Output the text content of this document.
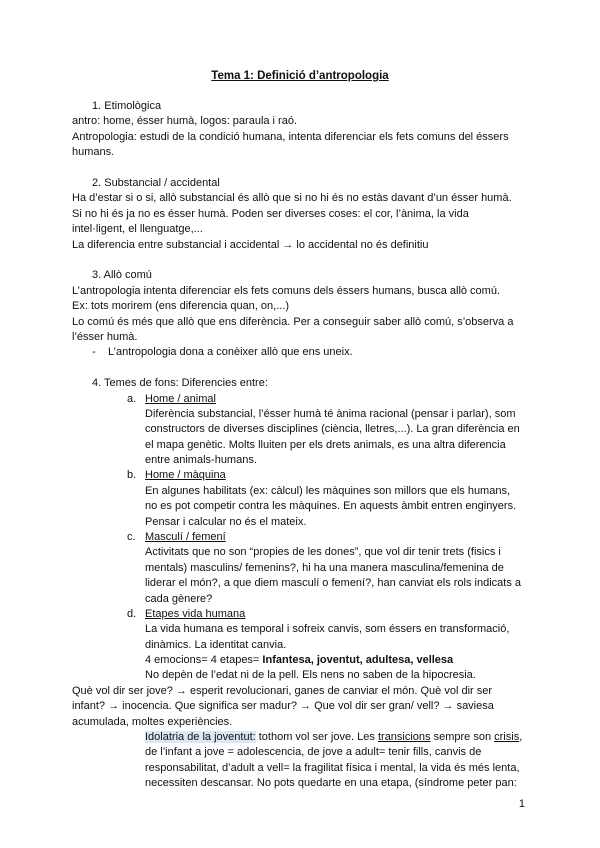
Tema 1: Definició d’antropologia
1. Etimològica
antro: home, ésser humà, logos: paraula i raó.
Antropologia: estudi de la condició humana, intenta diferenciar els fets comuns del éssers
humans.
2. Substancial / accidental
Ha d’estar si o si, allò substancial és allò que si no hi és no estàs davant d’un ésser humà.
Si no hi és ja no es ésser humà. Poden ser diverses coses: el cor, l’ànima, la vida
intel·ligent, el llenguatge,...
La diferencia entre substancial i accidental → lo accidental no és definitiu
3. Allò comú
L’antropologia intenta diferenciar els fets comuns dels éssers humans, busca allò comú.
Ex: tots morirem (ens diferencia quan, on,...)
Lo comú és més que allò que ens diferència. Per a conseguir saber allò comú, s’observa a
l’ésser humà.
- L’antropologia dona a conèixer allò que ens uneix.
4. Temes de fons: Diferencies entre:
a. Home / animal
Diferència substancial, l’ésser humà té ànima racional (pensar i parlar), som
constructors de diverses disciplines (ciència, lletres,...). La gran diferència en
el mapa genètic. Molts lluiten per els drets animals, es una altra diferencia
entre animals-humans.
b. Home / màquina
En algunes habilitats (ex: càlcul) les màquines son millors que els humans,
no es pot competir contra les màquines. En aquests àmbit entren enginyers.
Pensar i calcular no és el mateix.
c. Masculí / femení
Activitats que no son “propies de les dones”, que vol dir tenir trets (fisics i
mentals) masculins/ femenins?, hi ha una manera masculina/femenina de
liderar el món?, a que diem masculí o femení?, han canviat els rols indicats a
cada gènere?
d. Etapes vida humana
La vida humana es temporal i sofreix canvis, som éssers en transformació,
dinàmics. La identitat canvia.
4 emocions= 4 etapes= Infantesa, joventut, adultesa, vellesa
No depèn de l’edat ni de la pell. Els nens no saben de la hipocresia.
Què vol dir ser jove? → esperit revolucionari, ganes de canviar el món. Què vol dir ser
infant? → inocencia. Que significa ser madur? → Que vol dir ser gran/ vell? → saviesa
acumulada, moltes experiències.
Idolatria de la joventut: tothom vol ser jove. Les transicions sempre son crisis,
de l’infant a jove = adolescencia, de jove a adult= tenir fills, canvis de
responsabilitat, d’adult a vell= la fragilitat física i mental, la vida és més lenta,
necessiten descansar. No pots quedarte en una etapa, (síndrome peter pan:
1
